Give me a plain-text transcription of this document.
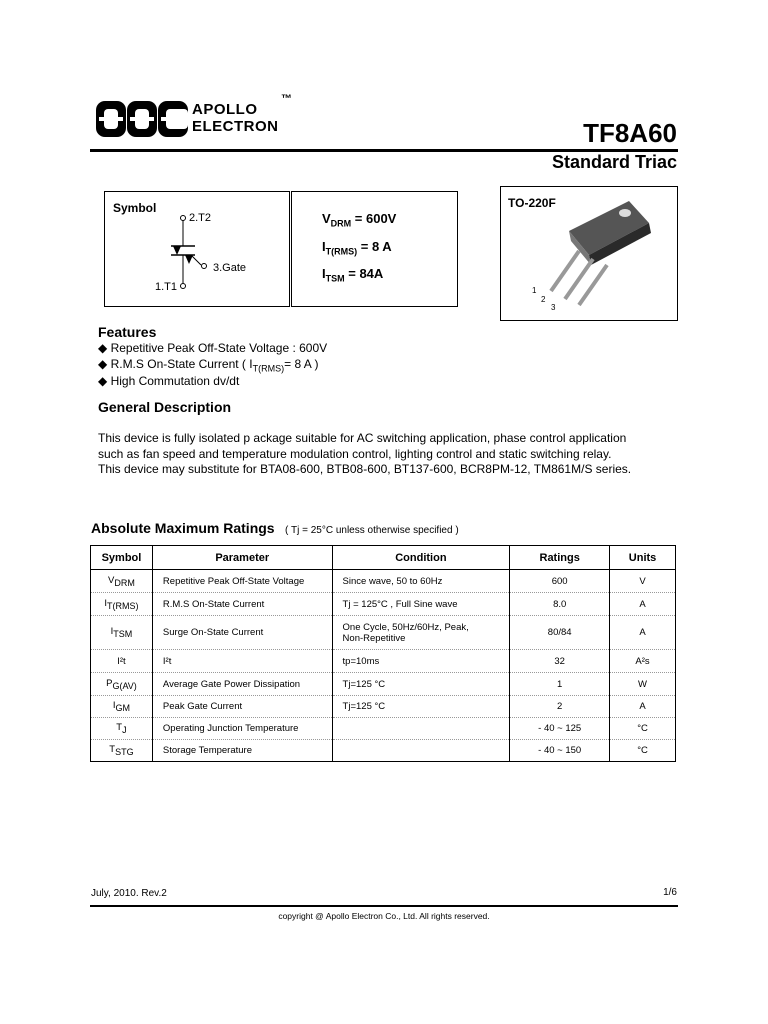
APOLLO
ELECTRON
™
TF8A60
Standard Triac
Symbol
2.T2
3.Gate
1.T1
$V_{DRM} = 600V$
$I_{T(RMS)} = 8$ A
$I_{TSM} = 84A$
TO-220F
1
2
3
Features
◆ Repetitive Peak Off-State Voltage : 600V
◆ R.M.S On-State Current ( $I_{T(RMS)}= 8$ A )
◆ High Commutation dv/dt
General Description
This device is fully isolated p ackage suitable for AC switching application, phase control application
such as fan speed and temperature modulation control, lighting control and static switching relay.
This device may substitute for BTA08-600, BTB08-600, BT137-600, BCR8PM-12, TM861M/S series.
Absolute Maximum Ratings ( Tj = 25°C unless otherwise specified )
Symbol	Parameter	Condition	Ratings	Units
$V_{DRM}$	Repetitive Peak Off-State Voltage	Since wave, 50 to 60Hz	600	V
$I_{T(RMS)}$	R.M.S On-State Current	Tj = 125°C , Full Sine wave	8.0	A
$I_{TSM}$	Surge On-State Current	One Cycle, 50Hz/60Hz, Peak, Non-Repetitive	80/84	A
I²t	I²t	tp=10ms	32	A²s
$P_{G(AV)}$	Average Gate Power Dissipation	Tj=125 °C	1	W
$I_{GM}$	Peak Gate Current	Tj=125 °C	2	A
$T_J$	Operating Junction Temperature		- 40 ~ 125	°C
$T_{STG}$	Storage Temperature		- 40 ~ 150	°C
July, 2010. Rev.2	1/6
copyright @ Apollo Electron Co., Ltd. All rights reserved.
